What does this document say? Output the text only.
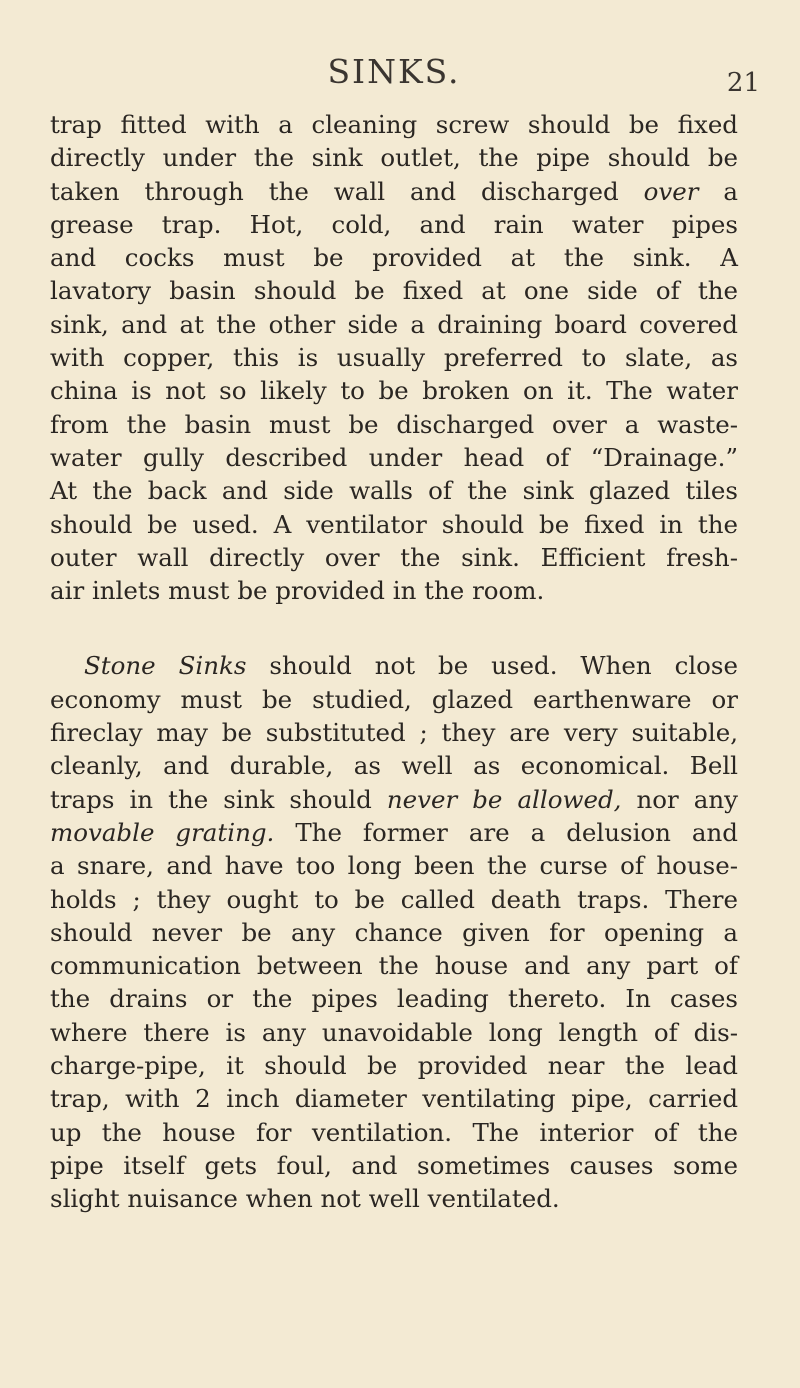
SINKS.	21
trap fitted with a cleaning screw should be fixed
directly under the sink outlet, the pipe should be
taken through the wall and discharged over a
grease trap. Hot, cold, and rain water pipes
and cocks must be provided at the sink. A
lavatory basin should be fixed at one side of the
sink, and at the other side a draining board covered
with copper, this is usually preferred to slate, as
china is not so likely to be broken on it. The water
from the basin must be discharged over a waste-
water gully described under head of “Drainage.”
At the back and side walls of the sink glazed tiles
should be used. A ventilator should be fixed in the
outer wall directly over the sink. Efficient fresh-
air inlets must be provided in the room.
Stone Sinks should not be used. When close
economy must be studied, glazed earthenware or
fireclay may be substituted ; they are very suitable,
cleanly, and durable, as well as economical. Bell
traps in the sink should never be allowed, nor any
movable grating. The former are a delusion and
a snare, and have too long been the curse of house-
holds ; they ought to be called death traps. There
should never be any chance given for opening a
communication between the house and any part of
the drains or the pipes leading thereto. In cases
where there is any unavoidable long length of dis-
charge-pipe, it should be provided near the lead
trap, with 2 inch diameter ventilating pipe, carried
up the house for ventilation. The interior of the
pipe itself gets foul, and sometimes causes some
slight nuisance when not well ventilated.
